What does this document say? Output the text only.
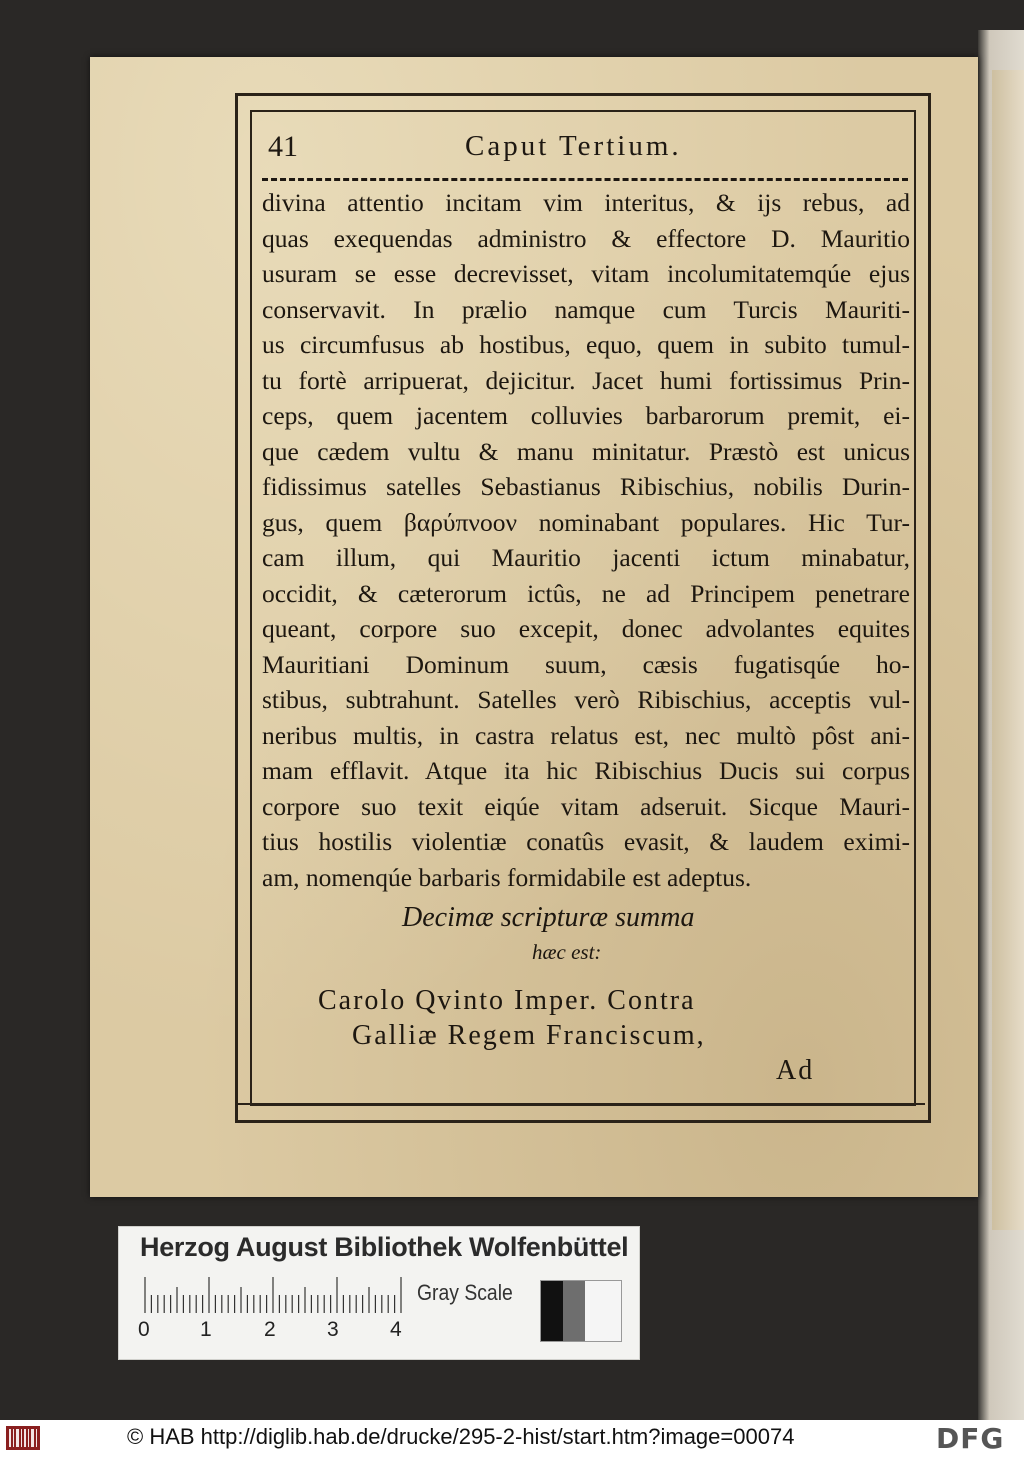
41	Caput Tertium.
divina attentio incitam vim interitus, & ijs rebus, ad
quas exequendas administro & effectore D. Mauritio
usuram se esse decrevisset, vitam incolumitatemqúe ejus
conservavit. In prælio namque cum Turcis Mauriti-
us circumfusus ab hostibus, equo, quem in subito tumul-
tu fortè arripuerat, dejicitur. Jacet humi fortissimus Prin-
ceps, quem jacentem colluvies barbarorum premit, ei-
que cædem vultu & manu minitatur. Præstò est unicus
fidissimus satelles Sebastianus Ribischius, nobilis Durin-
gus, quem βαρύπνοον nominabant populares. Hic Tur-
cam illum, qui Mauritio jacenti ictum minabatur,
occidit, & cæterorum ictûs, ne ad Principem penetrare
queant, corpore suo excepit, donec advolantes equites
Mauritiani Dominum suum, cæsis fugatisqúe ho-
stibus, subtrahunt. Satelles verò Ribischius, acceptis vul-
neribus multis, in castra relatus est, nec multò pôst ani-
mam efflavit. Atque ita hic Ribischius Ducis sui corpus
corpore suo texit eiqúe vitam adseruit. Sicque Mauri-
tius hostilis violentiæ conatûs evasit, & laudem eximi-
am, nomenqúe barbaris formidabile est adeptus.
Decimæ scripturæ summa
hæc est:
Carolo Qvinto Imper. Contra
Galliæ Regem Franciscum,
Ad
Herzog August Bibliothek Wolfenbüttel
0 1 2 3 4
Gray Scale
© HAB http://diglib.hab.de/drucke/295-2-hist/start.htm?image=00074	DFG
